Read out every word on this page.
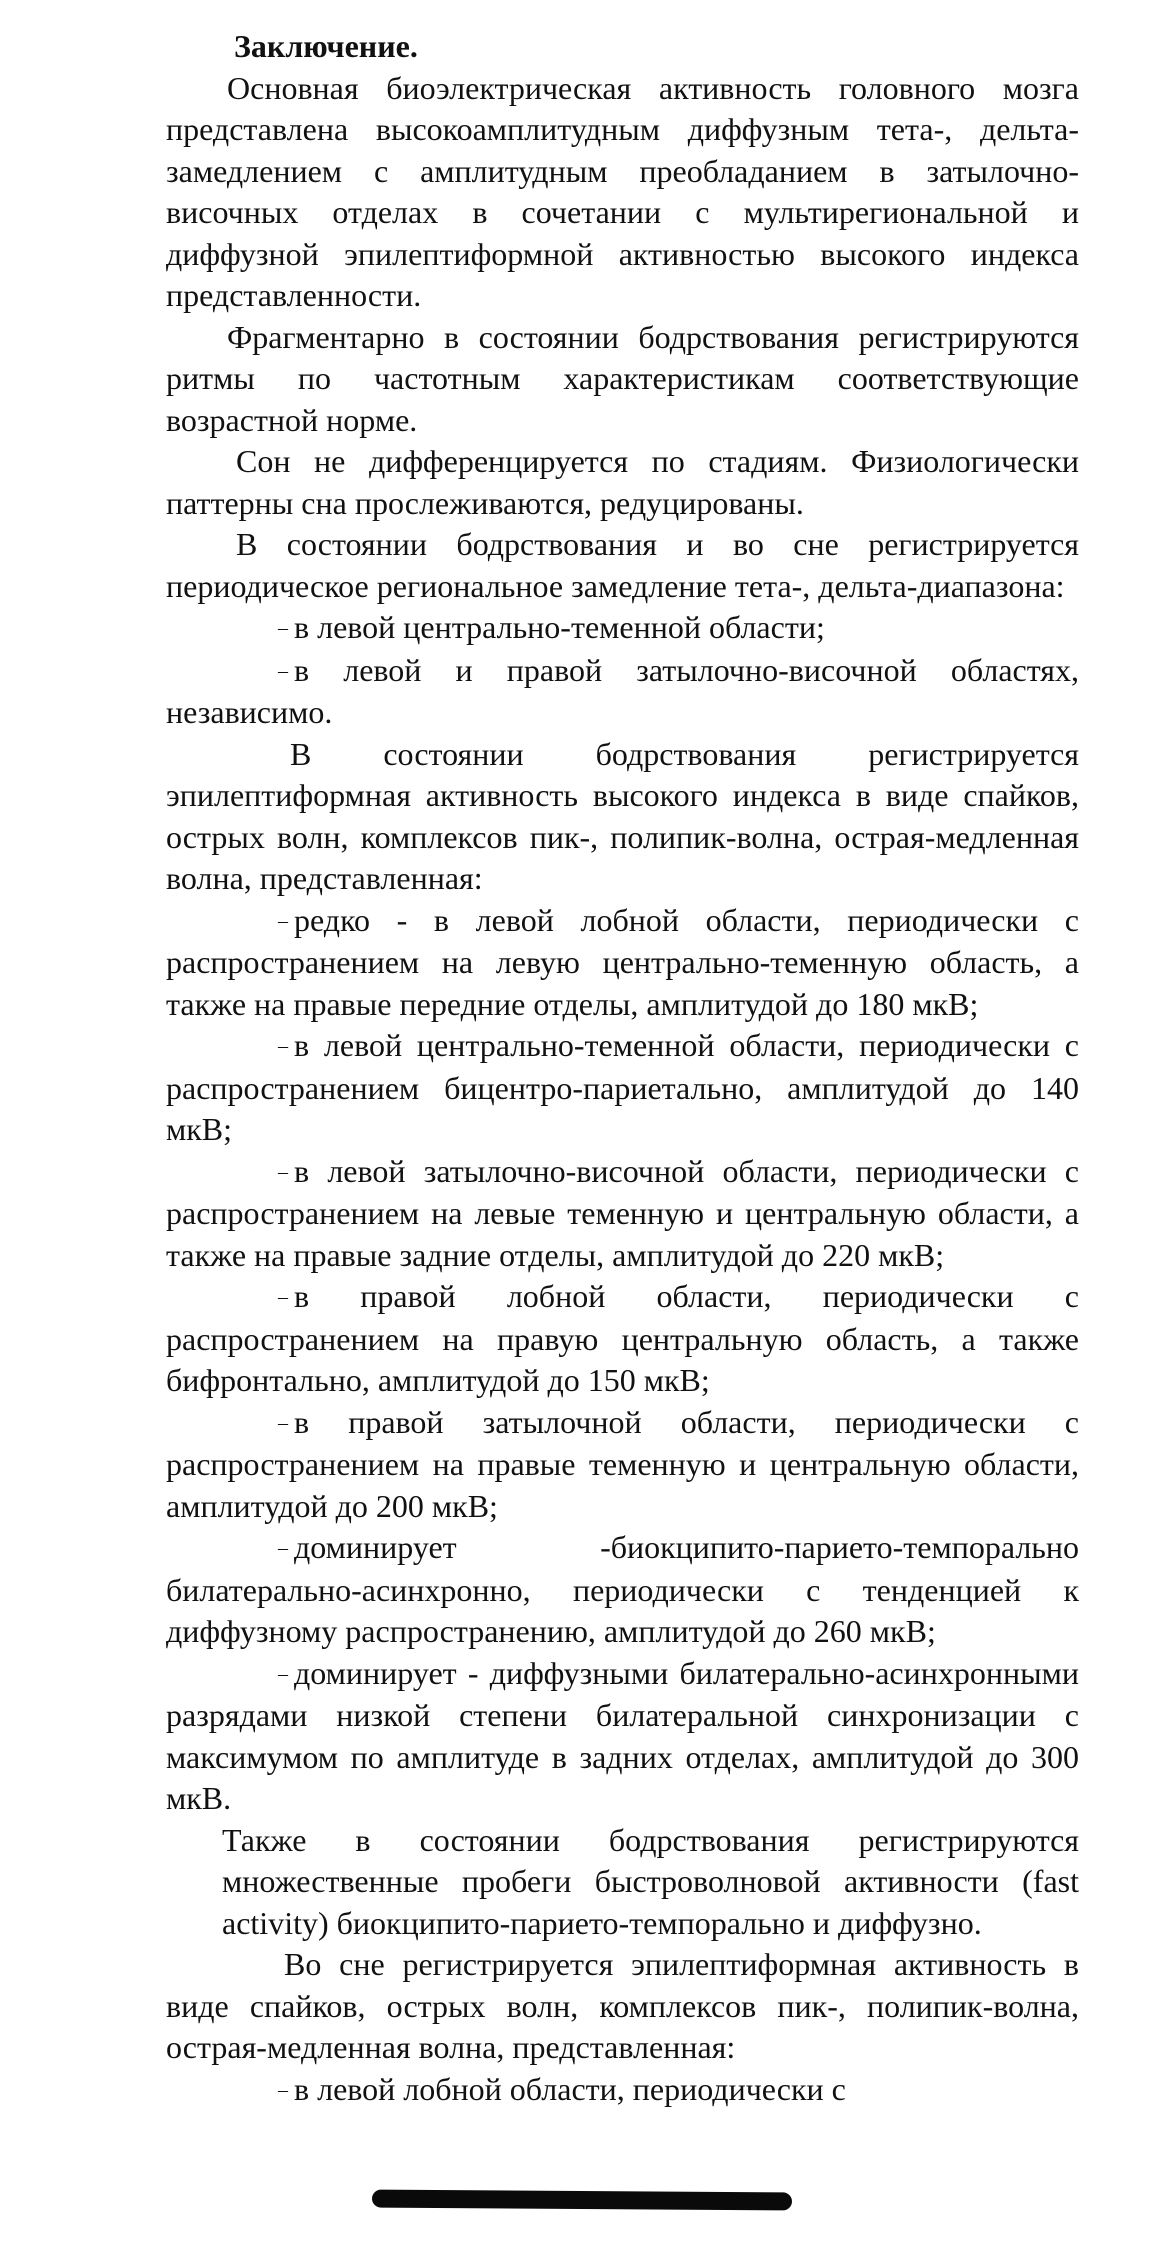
Заключение.

Основная биоэлектрическая активность головного мозга представлена высокоамплитудным диффузным тета-, дельта-замедлением с амплитудным преобладанием в затылочно-височных отделах в сочетании с мультирегиональной и диффузной эпилептиформной активностью высокого индекса представленности.

Фрагментарно в состоянии бодрствования регистрируются ритмы по частотным характеристикам соответствующие возрастной норме.

Сон не дифференцируется по стадиям. Физиологически паттерны сна прослеживаются, редуцированы.

В состоянии бодрствования и во сне регистрируется периодическое региональное замедление тета-, дельта-диапазона:

– в левой центрально-теменной области;

– в левой и правой затылочно-височной областях, независимо.

В состоянии бодрствования регистрируется эпилептиформная активность высокого индекса в виде спайков, острых волн, комплексов пик-, полипик-волна, острая-медленная волна, представленная:

– редко - в левой лобной области, периодически с распространением на левую центрально-теменную область, а также на правые передние отделы, амплитудой до 180 мкВ;

– в левой центрально-теменной области, периодически с распространением бицентро-париетально, амплитудой до 140 мкВ;

– в левой затылочно-височной области, периодически с распространением на левые теменную и центральную области, а также на правые задние отделы, амплитудой до 220 мкВ;

– в правой лобной области, периодически с распространением на правую центральную область, а также бифронтально, амплитудой до 150 мкВ;

– в правой затылочной области, периодически с распространением на правые теменную и центральную области, амплитудой до 200 мкВ;

– доминирует -биокципито-парието-темпорально билатерально-асинхронно, периодически с тенденцией к диффузному распространению, амплитудой до 260 мкВ;

– доминирует - диффузными билатерально-асинхронными разрядами низкой степени билатеральной синхронизации с максимумом по амплитуде в задних отделах, амплитудой до 300 мкВ.

Также в состоянии бодрствования регистрируются множественные пробеги быстроволновой активности (fast activity) биокципито-парието-темпорально и диффузно.

Во сне регистрируется эпилептиформная активность в виде спайков, острых волн, комплексов пик-, полипик-волна, острая-медленная волна, представленная:

– в левой лобной области, периодически с
